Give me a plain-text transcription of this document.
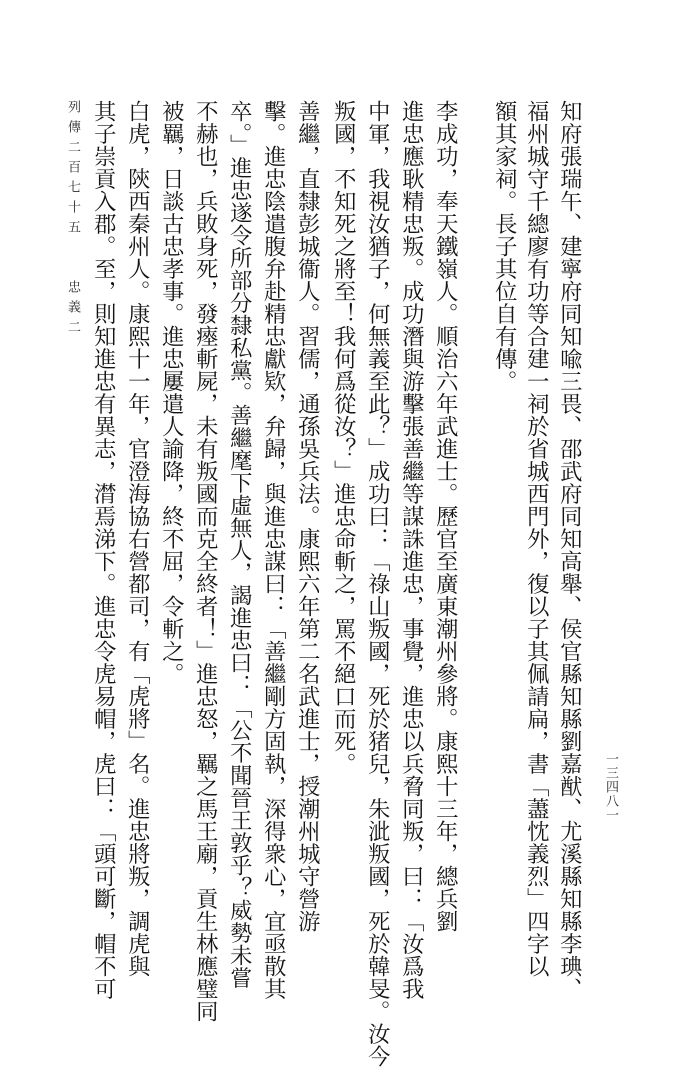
知府張瑞午、建寧府同知喩三畏、邵武府同知高舉、侯官縣知縣劉嘉猷、尤溪縣知縣李琠、
福州城守千總廖有功等合建一祠於省城西門外，復以子其佩請扁，書「藎忱義烈」四字以
額其家祠。長子其位自有傳。
李成功，奉天鐵嶺人。順治六年武進士。歷官至廣東潮州參將。康熙十三年，總兵劉
進忠應耿精忠叛。成功潛與游擊張善繼等謀誅進忠，事覺，進忠以兵脅同叛，曰：「汝爲我
中軍，我視汝猶子，何無義至此？」成功曰：「祿山叛國，死於猪兒，朱泚叛國，死於韓旻。汝今
叛國，不知死之將至！我何爲從汝？」進忠命斬之，罵不絕口而死。
善繼，直隸彭城衞人。習儒，通孫吳兵法。康熙六年第二名武進士，授潮州城守營游
擊。進忠陰遣腹弁赴精忠獻欵，弁歸，與進忠謀曰：「善繼剛方固執，深得衆心，宜亟散其
卒。」進忠遂令所部分隸私黨。善繼麾下虛無人，謁進忠曰：「公不聞晉王敦乎？威勢未嘗
不赫也，兵敗身死，發瘞斬屍，未有叛國而克全終者！」進忠怒，羈之馬王廟，貢生林應璧同
被羈，日談古忠孝事。進忠屢遣人諭降，終不屈，令斬之。
白虎，陝西秦州人。康熙十一年，官澄海協右營都司，有「虎將」名。進忠將叛，調虎與
其子崇貢入郡。至，則知進忠有異志，潸焉涕下。進忠令虎易帽，虎曰：「頭可斷，帽不可
列傳二百七十五忠義二
一三四八一
